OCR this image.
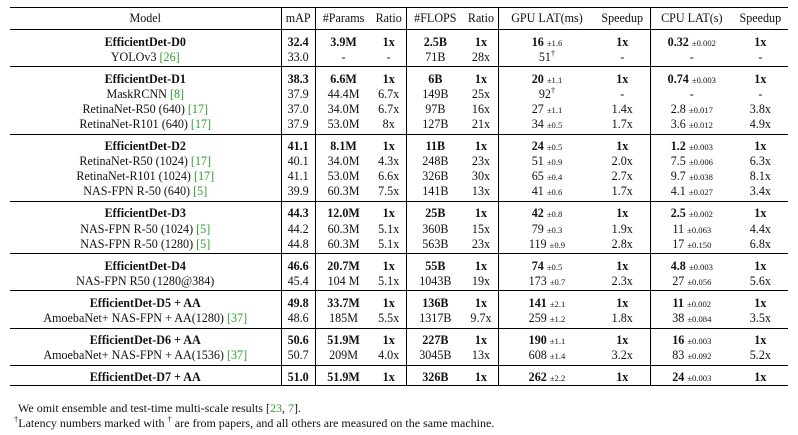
Model	mAP	#Params	Ratio	#FLOPS	Ratio	GPU LAT(ms)	Speedup	CPU LAT(s)	Speedup
EfficientDet-D0	32.4	3.9M	1x	2.5B	1x	16 ±1.6	1x	0.32 ±0.002	1x
YOLOv3 [26]	33.0	-	-	71B	28x	51†	-	-	-
EfficientDet-D1	38.3	6.6M	1x	6B	1x	20 ±1.1	1x	0.74 ±0.003	1x
MaskRCNN [8]	37.9	44.4M	6.7x	149B	25x	92†	-	-	-
RetinaNet-R50 (640) [17]	37.0	34.0M	6.7x	97B	16x	27 ±1.1	1.4x	2.8 ±0.017	3.8x
RetinaNet-R101 (640) [17]	37.9	53.0M	8x	127B	21x	34 ±0.5	1.7x	3.6 ±0.012	4.9x
EfficientDet-D2	41.1	8.1M	1x	11B	1x	24 ±0.5	1x	1.2 ±0.003	1x
RetinaNet-R50 (1024) [17]	40.1	34.0M	4.3x	248B	23x	51 ±0.9	2.0x	7.5 ±0.006	6.3x
RetinaNet-R101 (1024) [17]	41.1	53.0M	6.6x	326B	30x	65 ±0.4	2.7x	9.7 ±0.038	8.1x
NAS-FPN R-50 (640) [5]	39.9	60.3M	7.5x	141B	13x	41 ±0.6	1.7x	4.1 ±0.027	3.4x
EfficientDet-D3	44.3	12.0M	1x	25B	1x	42 ±0.8	1x	2.5 ±0.002	1x
NAS-FPN R-50 (1024) [5]	44.2	60.3M	5.1x	360B	15x	79 ±0.3	1.9x	11 ±0.063	4.4x
NAS-FPN R-50 (1280) [5]	44.8	60.3M	5.1x	563B	23x	119 ±0.9	2.8x	17 ±0.150	6.8x
EfficientDet-D4	46.6	20.7M	1x	55B	1x	74 ±0.5	1x	4.8 ±0.003	1x
NAS-FPN R50 (1280@384)	45.4	104 M	5.1x	1043B	19x	173 ±0.7	2.3x	27 ±0.056	5.6x
EfficientDet-D5 + AA	49.8	33.7M	1x	136B	1x	141 ±2.1	1x	11 ±0.002	1x
AmoebaNet+ NAS-FPN + AA(1280) [37]	48.6	185M	5.5x	1317B	9.7x	259 ±1.2	1.8x	38 ±0.084	3.5x
EfficientDet-D6 + AA	50.6	51.9M	1x	227B	1x	190 ±1.1	1x	16 ±0.003	1x
AmoebaNet+ NAS-FPN + AA(1536) [37]	50.7	209M	4.0x	3045B	13x	608 ±1.4	3.2x	83 ±0.092	5.2x
EfficientDet-D7 + AA	51.0	51.9M	1x	326B	1x	262 ±2.2	1x	24 ±0.003	1x
We omit ensemble and test-time multi-scale results [23, 7].
†Latency numbers marked with † are from papers, and all others are measured on the same machine.
